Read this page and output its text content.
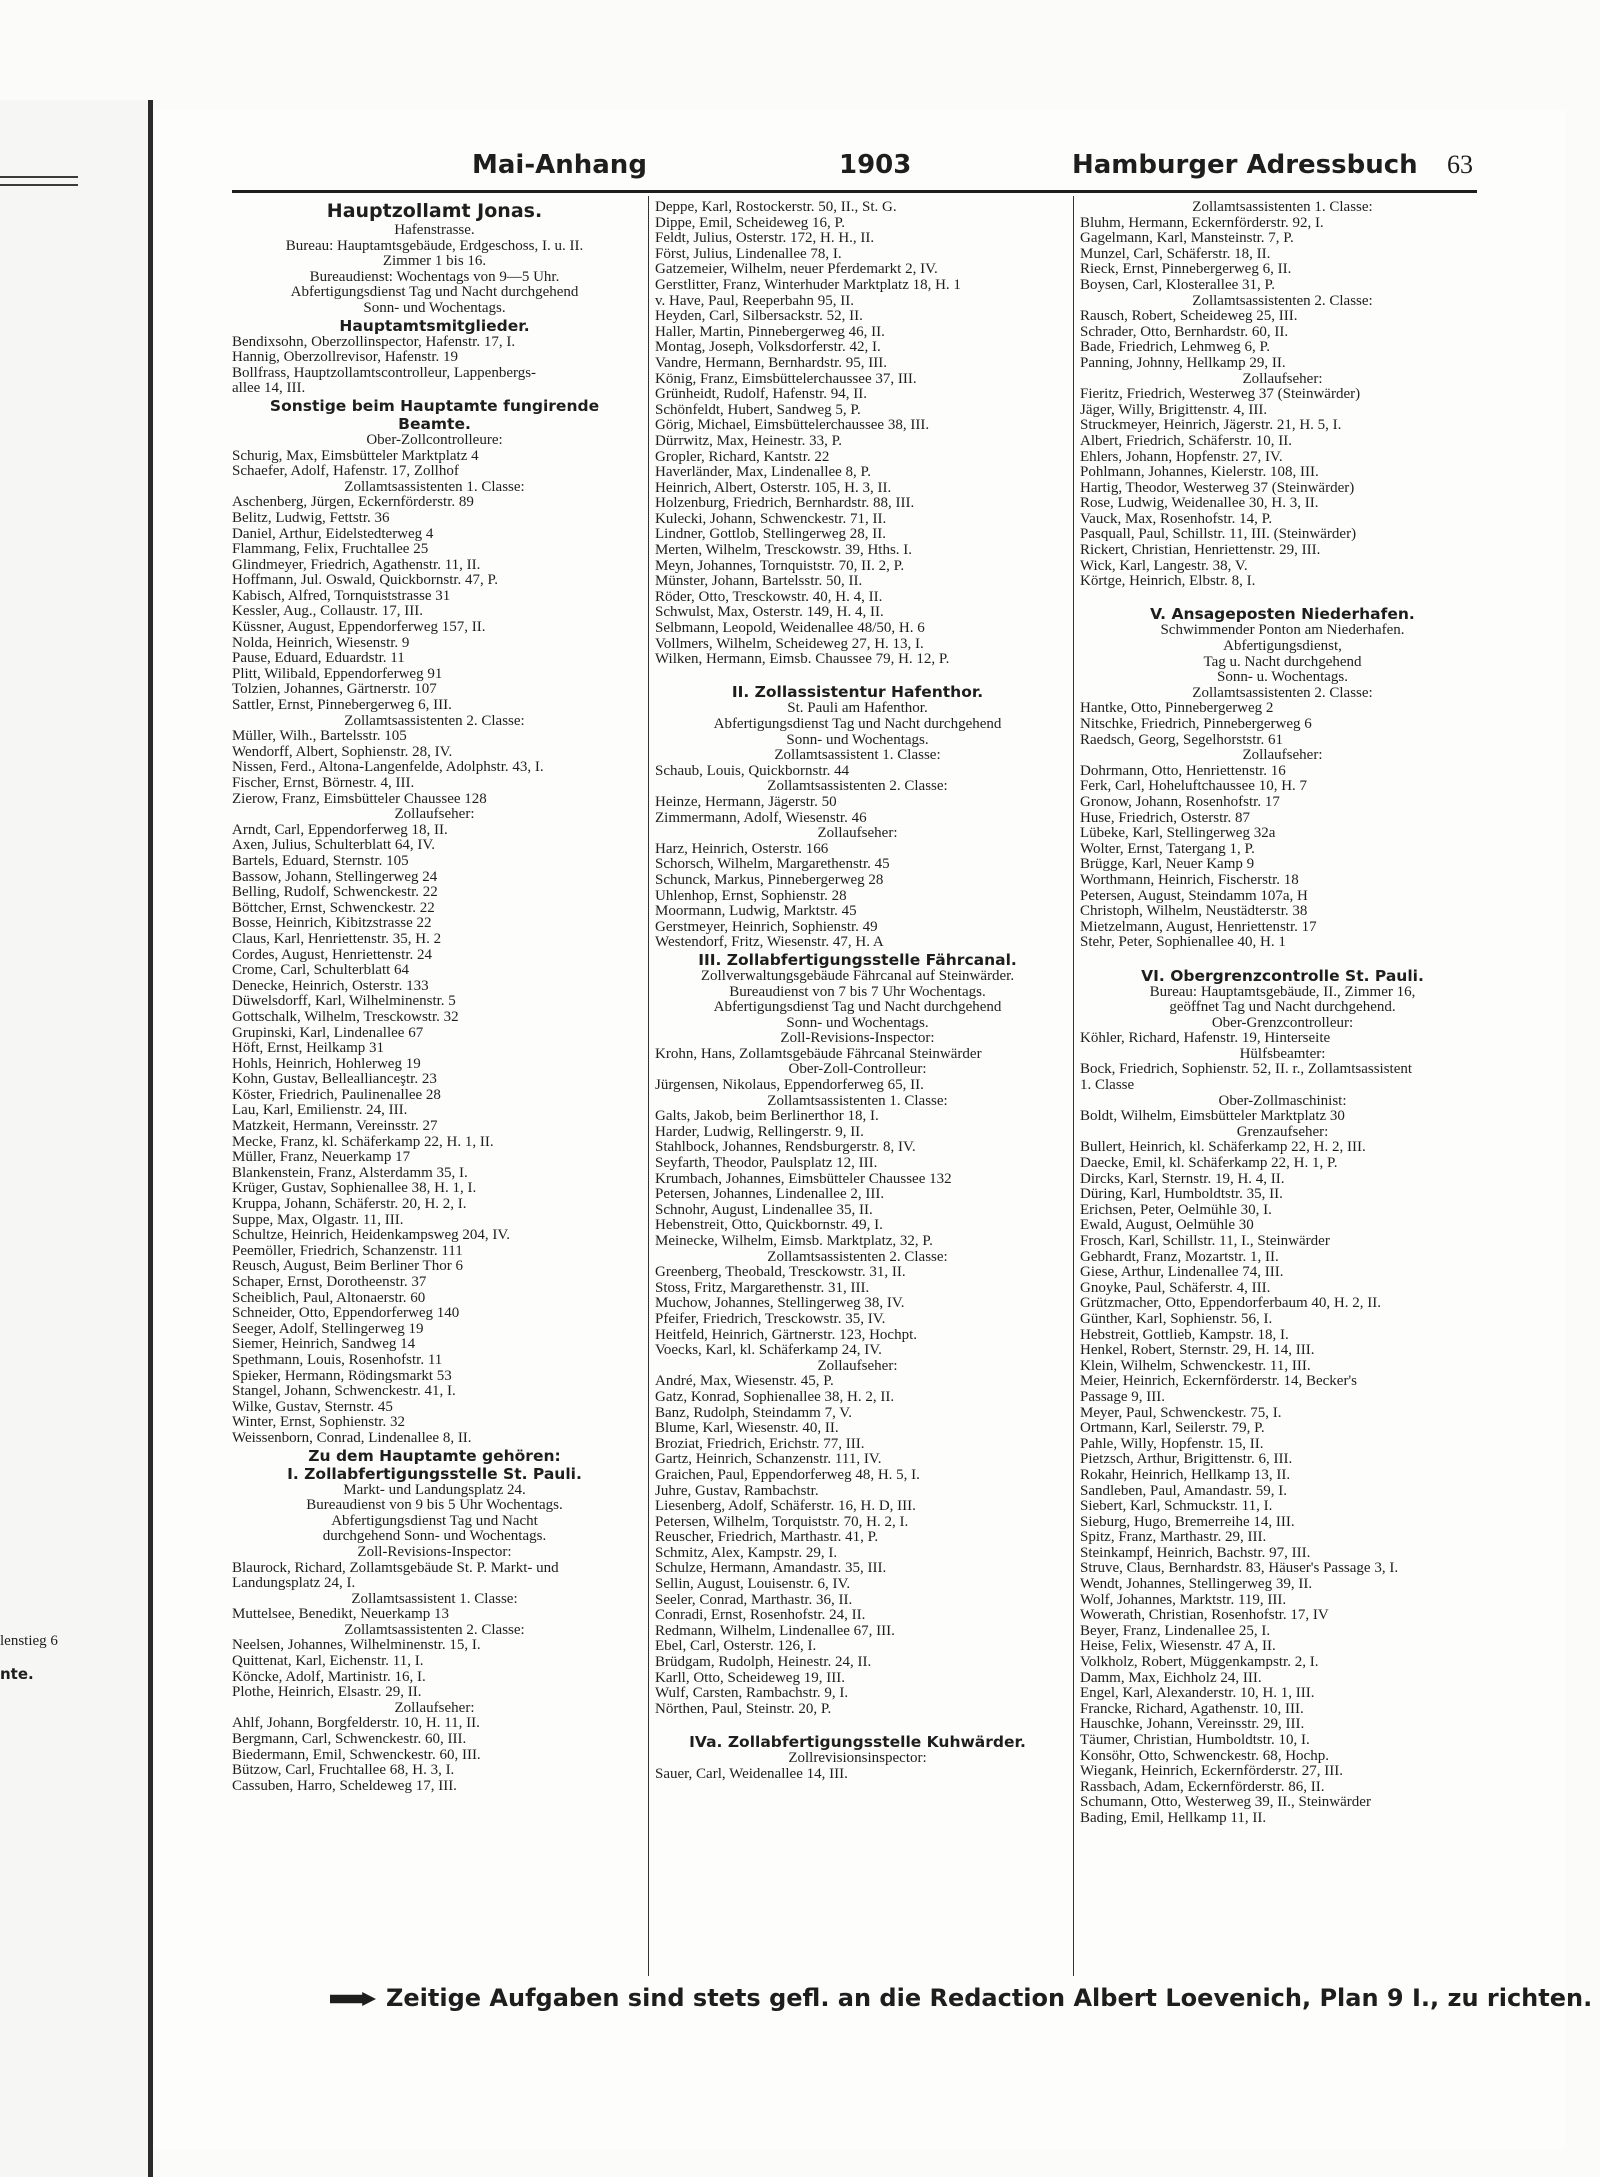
lenstieg 6
nte.
Mai-Anhang	1903	Hamburger Adressbuch 63
Hauptzollamt Jonas.
Hafenstrasse.
Bureau: Hauptamtsgebäude, Erdgeschoss, I. u. II.
Zimmer 1 bis 16.
Bureaudienst: Wochentags von 9—5 Uhr.
Abfertigungsdienst Tag und Nacht durchgehend
Sonn- und Wochentags.
Hauptamtsmitglieder.
Bendixsohn, Oberzollinspector, Hafenstr. 17, I.
Hannig, Oberzollrevisor, Hafenstr. 19
Bollfrass, Hauptzollamtscontrolleur, Lappenbergs-
allee 14, III.
Sonstige beim Hauptamte fungirende
Beamte.
Ober-Zollcontrolleure:
Schurig, Max, Eimsbütteler Marktplatz 4
Schaefer, Adolf, Hafenstr. 17, Zollhof
Zollamtsassistenten 1. Classe:
Aschenberg, Jürgen, Eckernförderstr. 89
Belitz, Ludwig, Fettstr. 36
Daniel, Arthur, Eidelstedterweg 4
Flammang, Felix, Fruchtallee 25
Glindmeyer, Friedrich, Agathenstr. 11, II.
Hoffmann, Jul. Oswald, Quickbornstr. 47, P.
Kabisch, Alfred, Tornquiststrasse 31
Kessler, Aug., Collaustr. 17, III.
Küssner, August, Eppendorferweg 157, II.
Nolda, Heinrich, Wiesenstr. 9
Pause, Eduard, Eduardstr. 11
Plitt, Wilibald, Eppendorferweg 91
Tolzien, Johannes, Gärtnerstr. 107
Sattler, Ernst, Pinnebergerweg 6, III.
Zollamtsassistenten 2. Classe:
Müller, Wilh., Bartelsstr. 105
Wendorff, Albert, Sophienstr. 28, IV.
Nissen, Ferd., Altona-Langenfelde, Adolphstr. 43, I.
Fischer, Ernst, Börnestr. 4, III.
Zierow, Franz, Eimsbütteler Chaussee 128
Zollaufseher:
Arndt, Carl, Eppendorferweg 18, II.
Axen, Julius, Schulterblatt 64, IV.
Bartels, Eduard, Sternstr. 105
Bassow, Johann, Stellingerweg 24
Belling, Rudolf, Schwenckestr. 22
Böttcher, Ernst, Schwenckestr. 22
Bosse, Heinrich, Kibitzstrasse 22
Claus, Karl, Henriettenstr. 35, H. 2
Cordes, August, Henriettenstr. 24
Crome, Carl, Schulterblatt 64
Denecke, Heinrich, Osterstr. 133
Düwelsdorff, Karl, Wilhelminenstr. 5
Gottschalk, Wilhelm, Tresckowstr. 32
Grupinski, Karl, Lindenallee 67
Höft, Ernst, Heilkamp 31
Hohls, Heinrich, Hohlerweg 19
Kohn, Gustav, Belleallianceştr. 23
Köster, Friedrich, Paulinenallee 28
Lau, Karl, Emilienstr. 24, III.
Matzkeit, Hermann, Vereinsstr. 27
Mecke, Franz, kl. Schäferkamp 22, H. 1, II.
Müller, Franz, Neuerkamp 17
Blankenstein, Franz, Alsterdamm 35, I.
Krüger, Gustav, Sophienallee 38, H. 1, I.
Kruppa, Johann, Schäferstr. 20, H. 2, I.
Suppe, Max, Olgastr. 11, III.
Schultze, Heinrich, Heidenkampsweg 204, IV.
Peemöller, Friedrich, Schanzenstr. 111
Reusch, August, Beim Berliner Thor 6
Schaper, Ernst, Dorotheenstr. 37
Scheiblich, Paul, Altonaerstr. 60
Schneider, Otto, Eppendorferweg 140
Seeger, Adolf, Stellingerweg 19
Siemer, Heinrich, Sandweg 14
Spethmann, Louis, Rosenhofstr. 11
Spieker, Hermann, Rödingsmarkt 53
Stangel, Johann, Schwenckestr. 41, I.
Wilke, Gustav, Sternstr. 45
Winter, Ernst, Sophienstr. 32
Weissenborn, Conrad, Lindenallee 8, II.
Zu dem Hauptamte gehören:
I. Zollabfertigungsstelle St. Pauli.
Markt- und Landungsplatz 24.
Bureaudienst von 9 bis 5 Uhr Wochentags.
Abfertigungsdienst Tag und Nacht
durchgehend Sonn- und Wochentags.
Zoll-Revisions-Inspector:
Blaurock, Richard, Zollamtsgebäude St. P. Markt- und
Landungsplatz 24, I.
Zollamtsassistent 1. Classe:
Muttelsee, Benedikt, Neuerkamp 13
Zollamtsassistenten 2. Classe:
Neelsen, Johannes, Wilhelminenstr. 15, I.
Quittenat, Karl, Eichenstr. 11, I.
Köncke, Adolf, Martinistr. 16, I.
Plothe, Heinrich, Elsastr. 29, II.
Zollaufseher:
Ahlf, Johann, Borgfelderstr. 10, H. 11, II.
Bergmann, Carl, Schwenckestr. 60, III.
Biedermann, Emil, Schwenckestr. 60, III.
Bützow, Carl, Fruchtallee 68, H. 3, I.
Cassuben, Harro, Scheldeweg 17, III.
Deppe, Karl, Rostockerstr. 50, II., St. G.
Dippe, Emil, Scheideweg 16, P.
Feldt, Julius, Osterstr. 172, H. H., II.
Först, Julius, Lindenallee 78, I.
Gatzemeier, Wilhelm, neuer Pferdemarkt 2, IV.
Gerstlitter, Franz, Winterhuder Marktplatz 18, H. 1
v. Have, Paul, Reeperbahn 95, II.
Heyden, Carl, Silbersackstr. 52, II.
Haller, Martin, Pinnebergerweg 46, II.
Montag, Joseph, Volksdorferstr. 42, I.
Vandre, Hermann, Bernhardstr. 95, III.
König, Franz, Eimsbüttelerchaussee 37, III.
Grünheidt, Rudolf, Hafenstr. 94, II.
Schönfeldt, Hubert, Sandweg 5, P.
Görig, Michael, Eimsbüttelerchaussee 38, III.
Dürrwitz, Max, Heinestr. 33, P.
Gropler, Richard, Kantstr. 22
Haverländer, Max, Lindenallee 8, P.
Heinrich, Albert, Osterstr. 105, H. 3, II.
Holzenburg, Friedrich, Bernhardstr. 88, III.
Kulecki, Johann, Schwenckestr. 71, II.
Lindner, Gottlob, Stellingerweg 28, II.
Merten, Wilhelm, Tresckowstr. 39, Hths. I.
Meyn, Johannes, Tornquiststr. 70, II. 2, P.
Münster, Johann, Bartelsstr. 50, II.
Röder, Otto, Tresckowstr. 40, H. 4, II.
Schwulst, Max, Osterstr. 149, H. 4, II.
Selbmann, Leopold, Weidenallee 48/50, H. 6
Vollmers, Wilhelm, Scheideweg 27, H. 13, I.
Wilken, Hermann, Eimsb. Chaussee 79, H. 12, P.
II. Zollassistentur Hafenthor.
St. Pauli am Hafenthor.
Abfertigungsdienst Tag und Nacht durchgehend
Sonn- und Wochentags.
Zollamtsassistent 1. Classe:
Schaub, Louis, Quickbornstr. 44
Zollamtsassistenten 2. Classe:
Heinze, Hermann, Jägerstr. 50
Zimmermann, Adolf, Wiesenstr. 46
Zollaufseher:
Harz, Heinrich, Osterstr. 166
Schorsch, Wilhelm, Margarethenstr. 45
Schunck, Markus, Pinnebergerweg 28
Uhlenhop, Ernst, Sophienstr. 28
Moormann, Ludwig, Marktstr. 45
Gerstmeyer, Heinrich, Sophienstr. 49
Westendorf, Fritz, Wiesenstr. 47, H. A
III. Zollabfertigungsstelle Fährcanal.
Zollverwaltungsgebäude Fährcanal auf Steinwärder.
Bureaudienst von 7 bis 7 Uhr Wochentags.
Abfertigungsdienst Tag und Nacht durchgehend
Sonn- und Wochentags.
Zoll-Revisions-Inspector:
Krohn, Hans, Zollamtsgebäude Fährcanal Steinwärder
Ober-Zoll-Controlleur:
Jürgensen, Nikolaus, Eppendorferweg 65, II.
Zollamtsassistenten 1. Classe:
Galts, Jakob, beim Berlinerthor 18, I.
Harder, Ludwig, Rellingerstr. 9, II.
Stahlbock, Johannes, Rendsburgerstr. 8, IV.
Seyfarth, Theodor, Paulsplatz 12, III.
Krumbach, Johannes, Eimsbütteler Chaussee 132
Petersen, Johannes, Lindenallee 2, III.
Schnohr, August, Lindenallee 35, II.
Hebenstreit, Otto, Quickbornstr. 49, I.
Meinecke, Wilhelm, Eimsb. Marktplatz, 32, P.
Zollamtsassistenten 2. Classe:
Greenberg, Theobald, Tresckowstr. 31, II.
Stoss, Fritz, Margarethenstr. 31, III.
Muchow, Johannes, Stellingerweg 38, IV.
Pfeifer, Friedrich, Tresckowstr. 35, IV.
Heitfeld, Heinrich, Gärtnerstr. 123, Hochpt.
Voecks, Karl, kl. Schäferkamp 24, IV.
Zollaufseher:
André, Max, Wiesenstr. 45, P.
Gatz, Konrad, Sophienallee 38, H. 2, II.
Banz, Rudolph, Steindamm 7, V.
Blume, Karl, Wiesenstr. 40, II.
Broziat, Friedrich, Erichstr. 77, III.
Gartz, Heinrich, Schanzenstr. 111, IV.
Graichen, Paul, Eppendorferweg 48, H. 5, I.
Juhre, Gustav, Rambachstr.
Liesenberg, Adolf, Schäferstr. 16, H. D, III.
Petersen, Wilhelm, Torquiststr. 70, H. 2, I.
Reuscher, Friedrich, Marthastr. 41, P.
Schmitz, Alex, Kampstr. 29, I.
Schulze, Hermann, Amandastr. 35, III.
Sellin, August, Louisenstr. 6, IV.
Seeler, Conrad, Marthastr. 36, II.
Conradi, Ernst, Rosenhofstr. 24, II.
Redmann, Wilhelm, Lindenallee 67, III.
Ebel, Carl, Osterstr. 126, I.
Brüdgam, Rudolph, Heinestr. 24, II.
Karll, Otto, Scheideweg 19, III.
Wulf, Carsten, Rambachstr. 9, I.
Nörthen, Paul, Steinstr. 20, P.
IVa. Zollabfertigungsstelle Kuhwärder.
Zollrevisionsinspector:
Sauer, Carl, Weidenallee 14, III.
Zollamtsassistenten 1. Classe:
Bluhm, Hermann, Eckernförderstr. 92, I.
Gagelmann, Karl, Mansteinstr. 7, P.
Munzel, Carl, Schäferstr. 18, II.
Rieck, Ernst, Pinnebergerweg 6, II.
Boysen, Carl, Klosterallee 31, P.
Zollamtsassistenten 2. Classe:
Rausch, Robert, Scheideweg 25, III.
Schrader, Otto, Bernhardstr. 60, II.
Bade, Friedrich, Lehmweg 6, P.
Panning, Johnny, Hellkamp 29, II.
Zollaufseher:
Fieritz, Friedrich, Westerweg 37 (Steinwärder)
Jäger, Willy, Brigittenstr. 4, III.
Struckmeyer, Heinrich, Jägerstr. 21, H. 5, I.
Albert, Friedrich, Schäferstr. 10, II.
Ehlers, Johann, Hopfenstr. 27, IV.
Pohlmann, Johannes, Kielerstr. 108, III.
Hartig, Theodor, Westerweg 37 (Steinwärder)
Rose, Ludwig, Weidenallee 30, H. 3, II.
Vauck, Max, Rosenhofstr. 14, P.
Pasquall, Paul, Schillstr. 11, III. (Steinwärder)
Rickert, Christian, Henriettenstr. 29, III.
Wick, Karl, Langestr. 38, V.
Körtge, Heinrich, Elbstr. 8, I.
V. Ansageposten Niederhafen.
Schwimmender Ponton am Niederhafen.
Abfertigungsdienst,
Tag u. Nacht durchgehend
Sonn- u. Wochentags.
Zollamtsassistenten 2. Classe:
Hantke, Otto, Pinnebergerweg 2
Nitschke, Friedrich, Pinnebergerweg 6
Raedsch, Georg, Segelhorststr. 61
Zollaufseher:
Dohrmann, Otto, Henriettenstr. 16
Ferk, Carl, Hoheluftchaussee 10, H. 7
Gronow, Johann, Rosenhofstr. 17
Huse, Friedrich, Osterstr. 87
Lübeke, Karl, Stellingerweg 32a
Wolter, Ernst, Tatergang 1, P.
Brügge, Karl, Neuer Kamp 9
Worthmann, Heinrich, Fischerstr. 18
Petersen, August, Steindamm 107a, H
Christoph, Wilhelm, Neustädterstr. 38
Mietzelmann, August, Henriettenstr. 17
Stehr, Peter, Sophienallee 40, H. 1
VI. Obergrenzcontrolle St. Pauli.
Bureau: Hauptamtsgebäude, II., Zimmer 16,
geöffnet Tag und Nacht durchgehend.
Ober-Grenzcontrolleur:
Köhler, Richard, Hafenstr. 19, Hinterseite
Hülfsbeamter:
Bock, Friedrich, Sophienstr. 52, II. r., Zollamtsassistent
1. Classe
Ober-Zollmaschinist:
Boldt, Wilhelm, Eimsbütteler Marktplatz 30
Grenzaufseher:
Bullert, Heinrich, kl. Schäferkamp 22, H. 2, III.
Daecke, Emil, kl. Schäferkamp 22, H. 1, P.
Dircks, Karl, Sternstr. 19, H. 4, II.
Düring, Karl, Humboldtstr. 35, II.
Erichsen, Peter, Oelmühle 30, I.
Ewald, August, Oelmühle 30
Frosch, Karl, Schillstr. 11, I., Steinwärder
Gebhardt, Franz, Mozartstr. 1, II.
Giese, Arthur, Lindenallee 74, III.
Gnoyke, Paul, Schäferstr. 4, III.
Grützmacher, Otto, Eppendorferbaum 40, H. 2, II.
Günther, Karl, Sophienstr. 56, I.
Hebstreit, Gottlieb, Kampstr. 18, I.
Henkel, Robert, Sternstr. 29, H. 14, III.
Klein, Wilhelm, Schwenckestr. 11, III.
Meier, Heinrich, Eckernförderstr. 14, Becker's
Passage 9, III.
Meyer, Paul, Schwenckestr. 75, I.
Ortmann, Karl, Seilerstr. 79, P.
Pahle, Willy, Hopfenstr. 15, II.
Pietzsch, Arthur, Brigittenstr. 6, III.
Rokahr, Heinrich, Hellkamp 13, II.
Sandleben, Paul, Amandastr. 59, I.
Siebert, Karl, Schmuckstr. 11, I.
Sieburg, Hugo, Bremerreihe 14, III.
Spitz, Franz, Marthastr. 29, III.
Steinkampf, Heinrich, Bachstr. 97, III.
Struve, Claus, Bernhardstr. 83, Häuser's Passage 3, I.
Wendt, Johannes, Stellingerweg 39, II.
Wolf, Johannes, Marktstr. 119, III.
Wowerath, Christian, Rosenhofstr. 17, IV
Beyer, Franz, Lindenallee 25, I.
Heise, Felix, Wiesenstr. 47 A, II.
Volkholz, Robert, Müggenkampstr. 2, I.
Damm, Max, Eichholz 24, III.
Engel, Karl, Alexanderstr. 10, H. 1, III.
Francke, Richard, Agathenstr. 10, III.
Hauschke, Johann, Vereinsstr. 29, III.
Täumer, Christian, Humboldtstr. 10, I.
Konsöhr, Otto, Schwenckestr. 68, Hochp.
Wiegank, Heinrich, Eckernförderstr. 27, III.
Rassbach, Adam, Eckernförderstr. 86, II.
Schumann, Otto, Westerweg 39, II., Steinwärder
Bading, Emil, Hellkamp 11, II.
Zeitige Aufgaben sind stets gefl. an die Redaction Albert Loevenich, Plan 9 I., zu richten.
